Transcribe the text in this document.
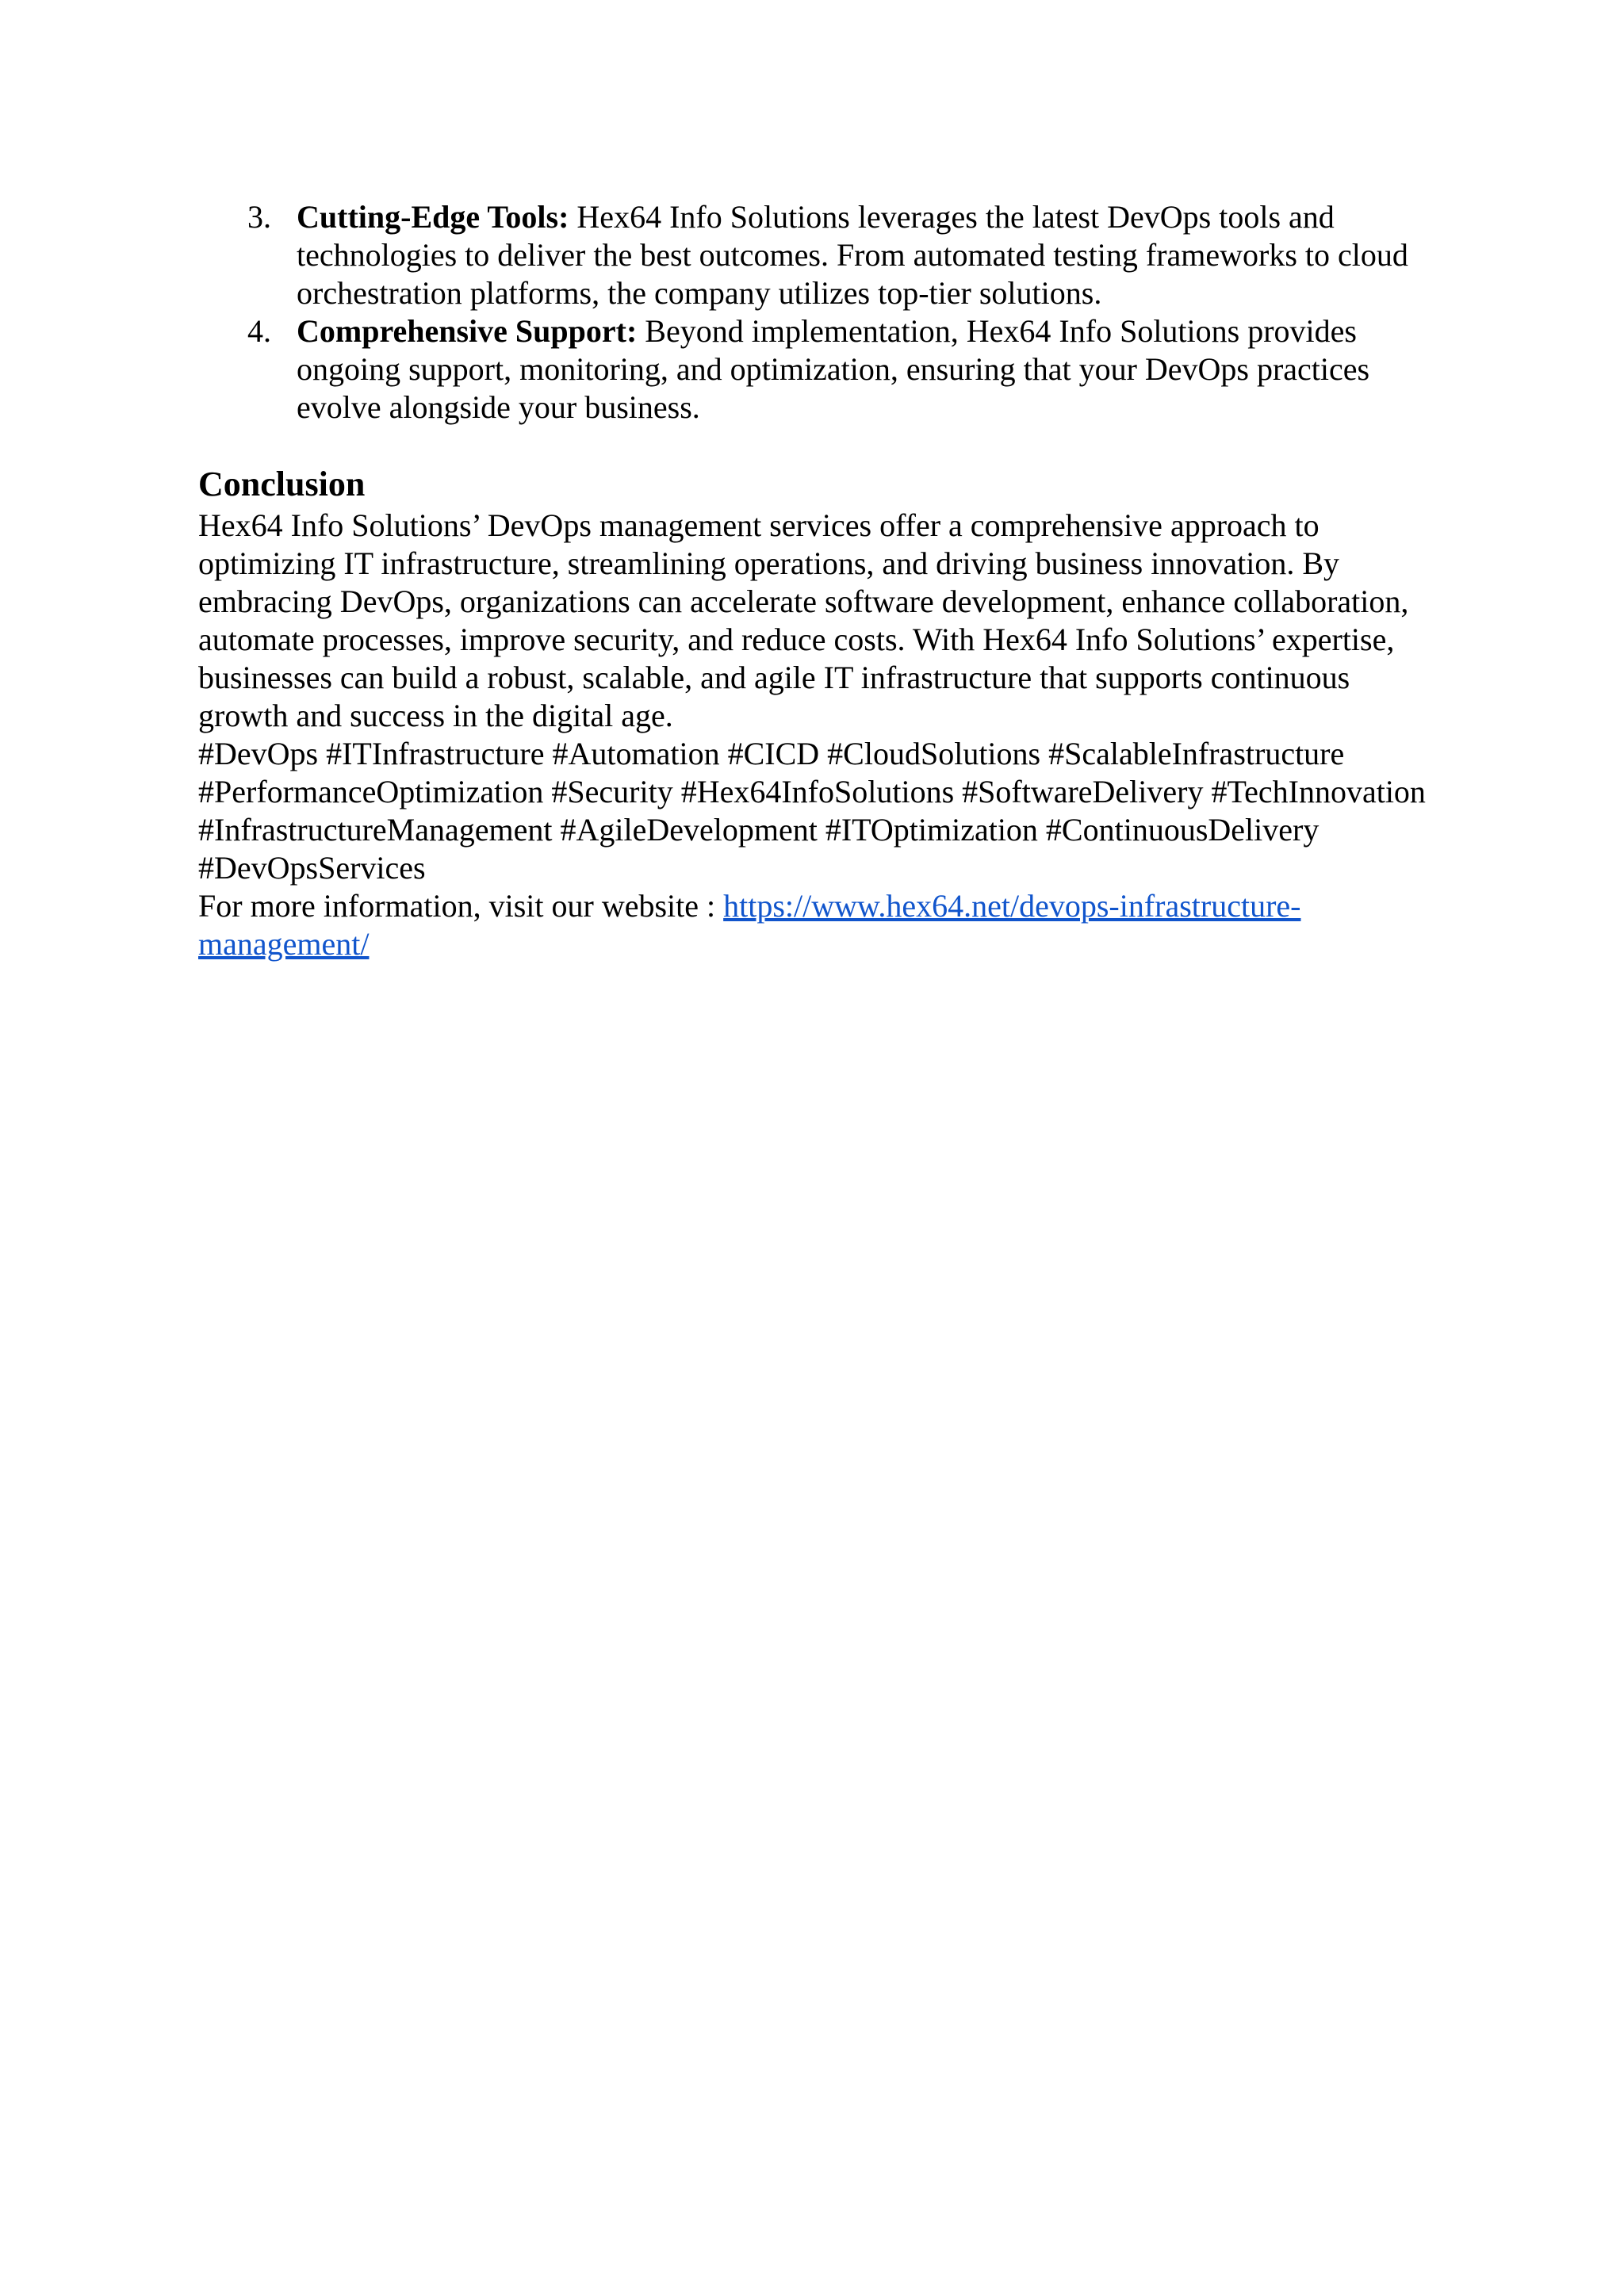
3. Cutting-Edge Tools: Hex64 Info Solutions leverages the latest DevOps tools and technologies to deliver the best outcomes. From automated testing frameworks to cloud orchestration platforms, the company utilizes top-tier solutions.
4. Comprehensive Support: Beyond implementation, Hex64 Info Solutions provides ongoing support, monitoring, and optimization, ensuring that your DevOps practices evolve alongside your business.
Conclusion

Hex64 Info Solutions’ DevOps management services offer a comprehensive approach to optimizing IT infrastructure, streamlining operations, and driving business innovation. By embracing DevOps, organizations can accelerate software development, enhance collaboration, automate processes, improve security, and reduce costs. With Hex64 Info Solutions’ expertise, businesses can build a robust, scalable, and agile IT infrastructure that supports continuous growth and success in the digital age.

#DevOps #ITInfrastructure #Automation #CICD #CloudSolutions #ScalableInfrastructure #PerformanceOptimization #Security #Hex64InfoSolutions #SoftwareDelivery #TechInnovation #InfrastructureManagement #AgileDevelopment #ITOptimization #ContinuousDelivery #DevOpsServices

For more information, visit our website : https://www.hex64.net/devops-infrastructure-management/
